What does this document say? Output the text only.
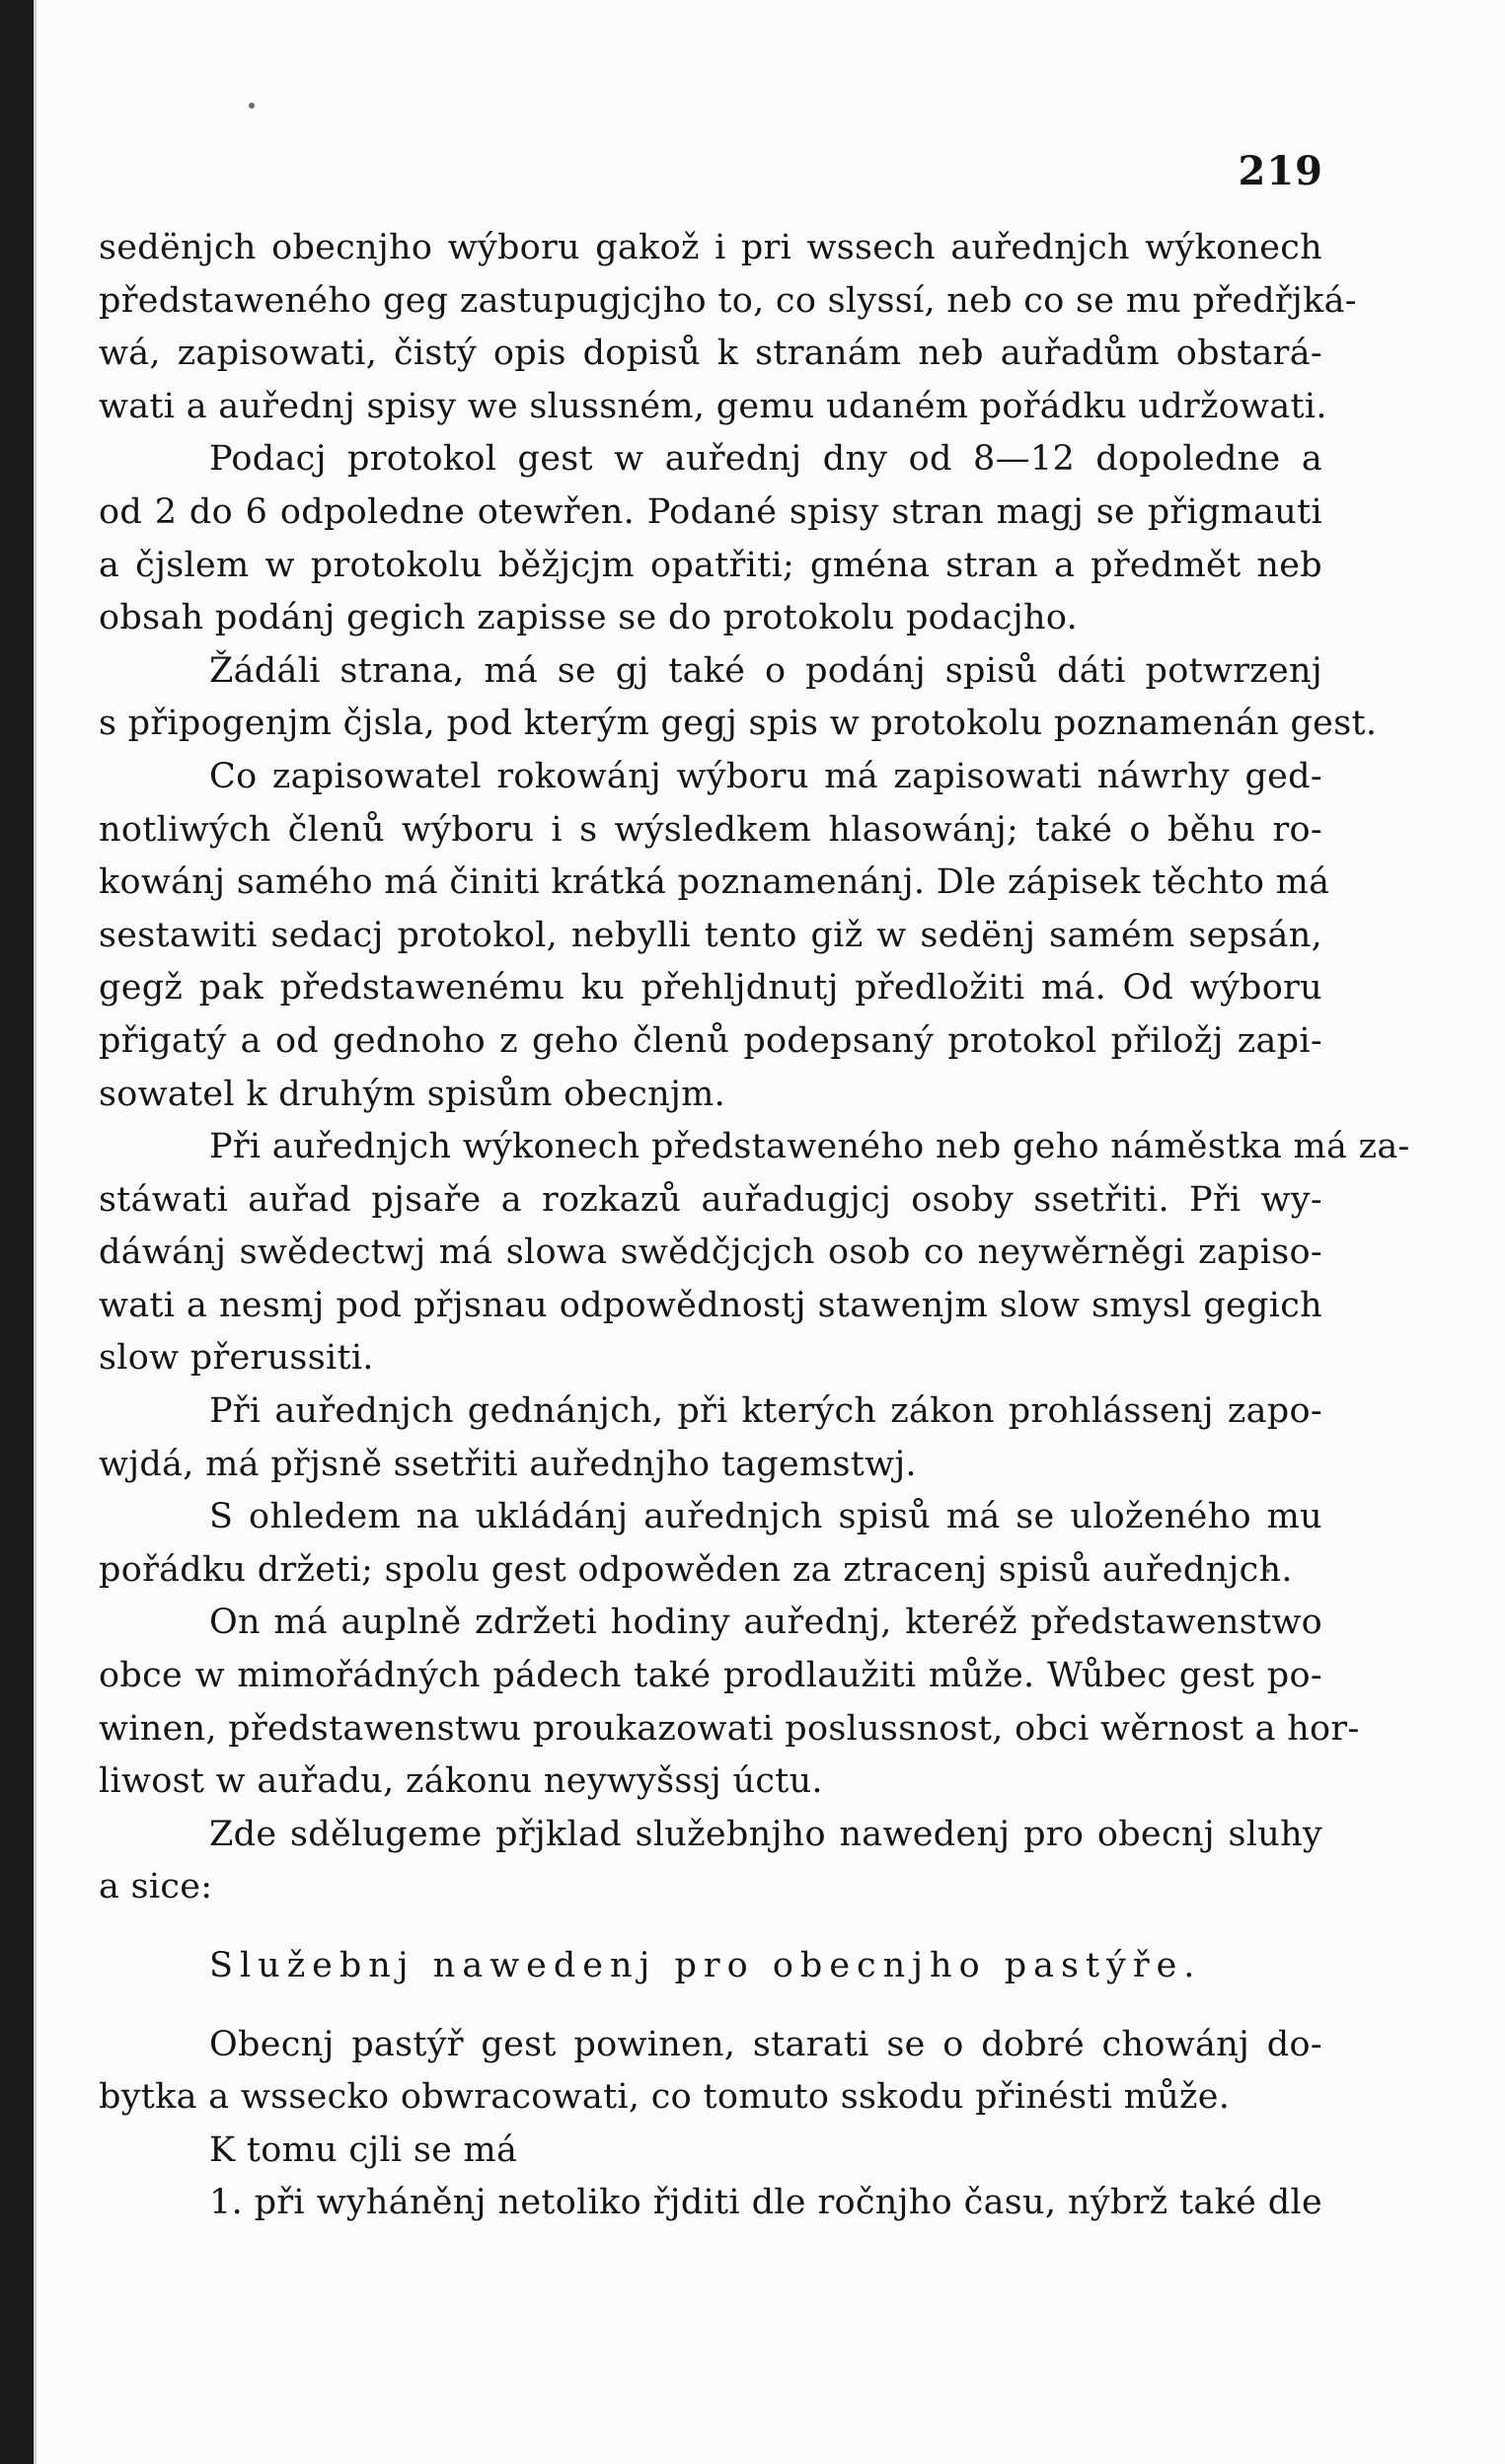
219
sedënjch obecnjho wýboru gakož i pri wssech auřednjch wýkonech
předstawenéhо geg zastupugjcjho to, co slyssí, neb co se mu předřjká-
wá, zapisowati, čistý opis dopisů k stranám neb auřadům obstará-
wati a auřednj spisy we slussném, gemu udaném pořádku udržowati.
Podacj protokol gest w auřednj dny od 8—12 dopoledne a
od 2 do 6 odpoledne otewřen. Podané spisy stran magj se přigmauti
a čjslem w protokolu běžjcjm opatřiti; gména stran a předmět neb
obsah podánj gegich zapisse se do protokolu podacjho.
Žádáli strana, má se gj také o podánj spisů dáti potwrzenj
s připogenjm čjsla, pod kterým gegj spis w protokolu poznamenán gest.
Co zapisowatel rokowánj wýboru má zapisowati náwrhy ged-
notliwých členů wýboru i s wýsledkem hlasowánj; také o běhu ro-
kowánj samého má činiti krátká poznamenánj. Dle zápisek těchto má
sestawiti sedacj protokol, nebylli tento giž w sedënj samém sepsán,
gegž pak předstawenému ku přehljdnutj předložiti má. Od wýboru
přigatý a od gednoho z geho členů podepsaný protokol přiložj zapi-
sowatel k druhým spisům obecnjm.
Při auřednjch wýkonech předstaweného neb geho náměstka má za-
stáwati auřad pjsaře a rozkazů auřadugjcj osoby ssetřiti. Při wy-
dáwánj swědectwj má slowa swědčjcjch osob co neywěrněgi zapiso-
wati a nesmj pod přjsnau odpowědnostj stawenjm slow smysl gegich
slow přerussiti.
Při auřednjch gednánjch, při kterých zákon prohlássenj zapo-
wjdá, má přjsně ssetřiti auřednjho tagemstwj.
S ohledem na ukládánj auřednjch spisů má se uloženého mu
pořádku držeti; spolu gest odpowěden za ztracenj spisů auřednjch.
On má auplně zdržeti hodiny auřednj, kteréž předstawenstwo
obce w mimořádných pádech také prodlaužiti může. Wůbec gest po-
winen, předstawenstwu proukazowati poslussnost, obci wěrnost a hor-
liwost w auřadu, zákonu neywyšssj úctu.
Zde sdělugeme přjklad služebnjho nawedenj pro obecnj sluhy
a sice:
Služebnj nawedenj pro obecnjho pastýře.
Obecnj pastýř gest powinen, starati se o dobré chowánj do-
bytka a wsseсko obwracowati, co tomuto sskodu přinésti může.
K tomu cjli se má
1. při wyháněnj netoliko řjditi dle ročnjho času, nýbrž také dle
